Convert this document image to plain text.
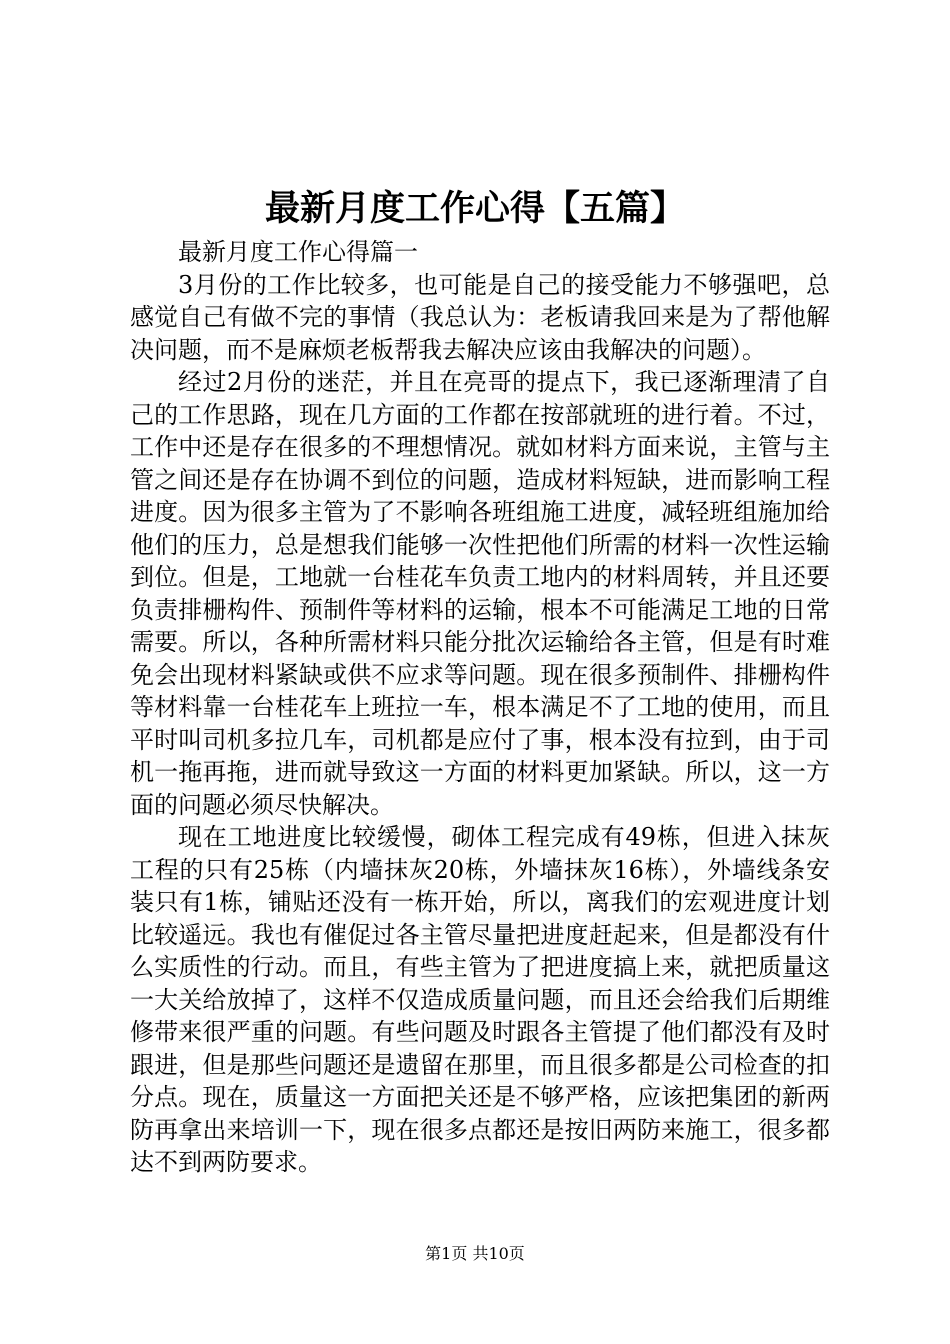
最新月度工作心得【五篇】

最新月度工作心得篇一

3月份的工作比较多，也可能是自己的接受能力不够强吧，总感觉自己有做不完的事情（我总认为：老板请我回来是为了帮他解决问题，而不是麻烦老板帮我去解决应该由我解决的问题）。

经过2月份的迷茫，并且在亮哥的提点下，我已逐渐理清了自己的工作思路，现在几方面的工作都在按部就班的进行着。不过，工作中还是存在很多的不理想情况。就如材料方面来说，主管与主管之间还是存在协调不到位的问题，造成材料短缺，进而影响工程进度。因为很多主管为了不影响各班组施工进度，减轻班组施加给他们的压力，总是想我们能够一次性把他们所需的材料一次性运输到位。但是，工地就一台桂花车负责工地内的材料周转，并且还要负责排栅构件、预制件等材料的运输，根本不可能满足工地的日常需要。所以，各种所需材料只能分批次运输给各主管，但是有时难免会出现材料紧缺或供不应求等问题。现在很多预制件、排栅构件等材料靠一台桂花车上班拉一车，根本满足不了工地的使用，而且平时叫司机多拉几车，司机都是应付了事，根本没有拉到，由于司机一拖再拖，进而就导致这一方面的材料更加紧缺。所以，这一方面的问题必须尽快解决。

现在工地进度比较缓慢，砌体工程完成有49栋，但进入抹灰工程的只有25栋（内墙抹灰20栋，外墙抹灰16栋），外墙线条安装只有1栋，铺贴还没有一栋开始，所以，离我们的宏观进度计划比较遥远。我也有催促过各主管尽量把进度赶起来，但是都没有什么实质性的行动。而且，有些主管为了把进度搞上来，就把质量这一大关给放掉了，这样不仅造成质量问题，而且还会给我们后期维修带来很严重的问题。有些问题及时跟各主管提了他们都没有及时跟进，但是那些问题还是遗留在那里，而且很多都是公司检查的扣分点。现在，质量这一方面把关还是不够严格，应该把集团的新两防再拿出来培训一下，现在很多点都还是按旧两防来施工，很多都达不到两防要求。

第1页 共10页
